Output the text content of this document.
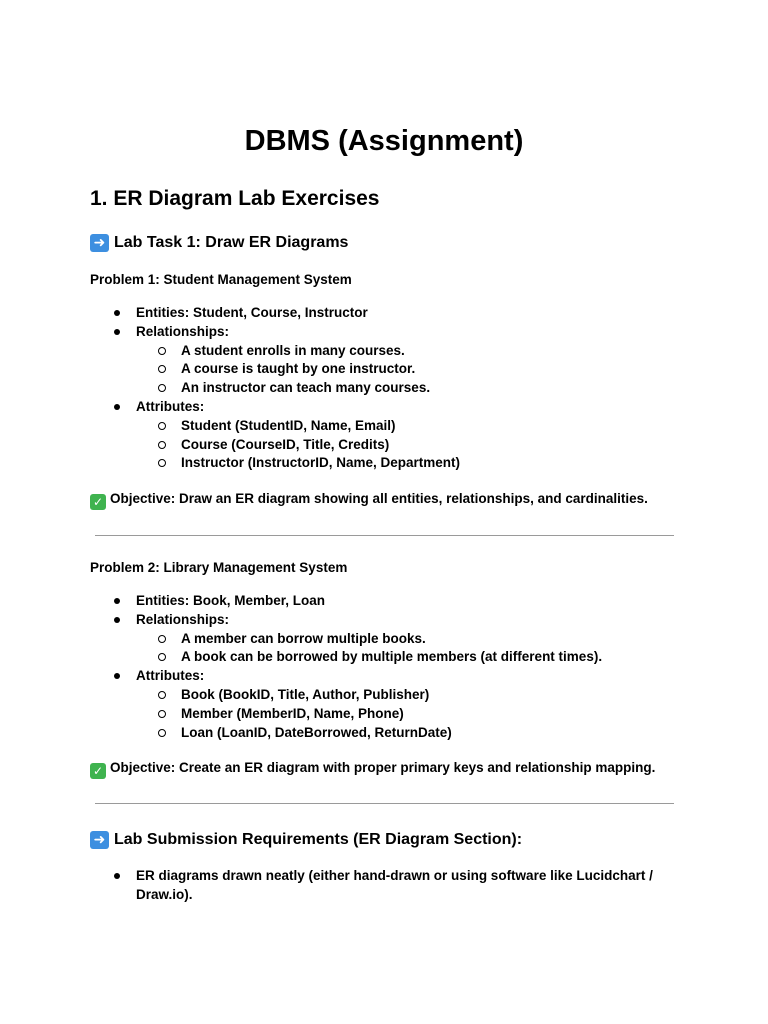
DBMS (Assignment)
1. ER Diagram Lab Exercises
➜ Lab Task 1: Draw ER Diagrams
Problem 1: Student Management System
Entities: Student, Course, Instructor
Relationships:
A student enrolls in many courses.
A course is taught by one instructor.
An instructor can teach many courses.
Attributes:
Student (StudentID, Name, Email)
Course (CourseID, Title, Credits)
Instructor (InstructorID, Name, Department)
✓ Objective: Draw an ER diagram showing all entities, relationships, and cardinalities.
Problem 2: Library Management System
Entities: Book, Member, Loan
Relationships:
A member can borrow multiple books.
A book can be borrowed by multiple members (at different times).
Attributes:
Book (BookID, Title, Author, Publisher)
Member (MemberID, Name, Phone)
Loan (LoanID, DateBorrowed, ReturnDate)
✓ Objective: Create an ER diagram with proper primary keys and relationship mapping.
➜ Lab Submission Requirements (ER Diagram Section):
ER diagrams drawn neatly (either hand-drawn or using software like Lucidchart / Draw.io).
